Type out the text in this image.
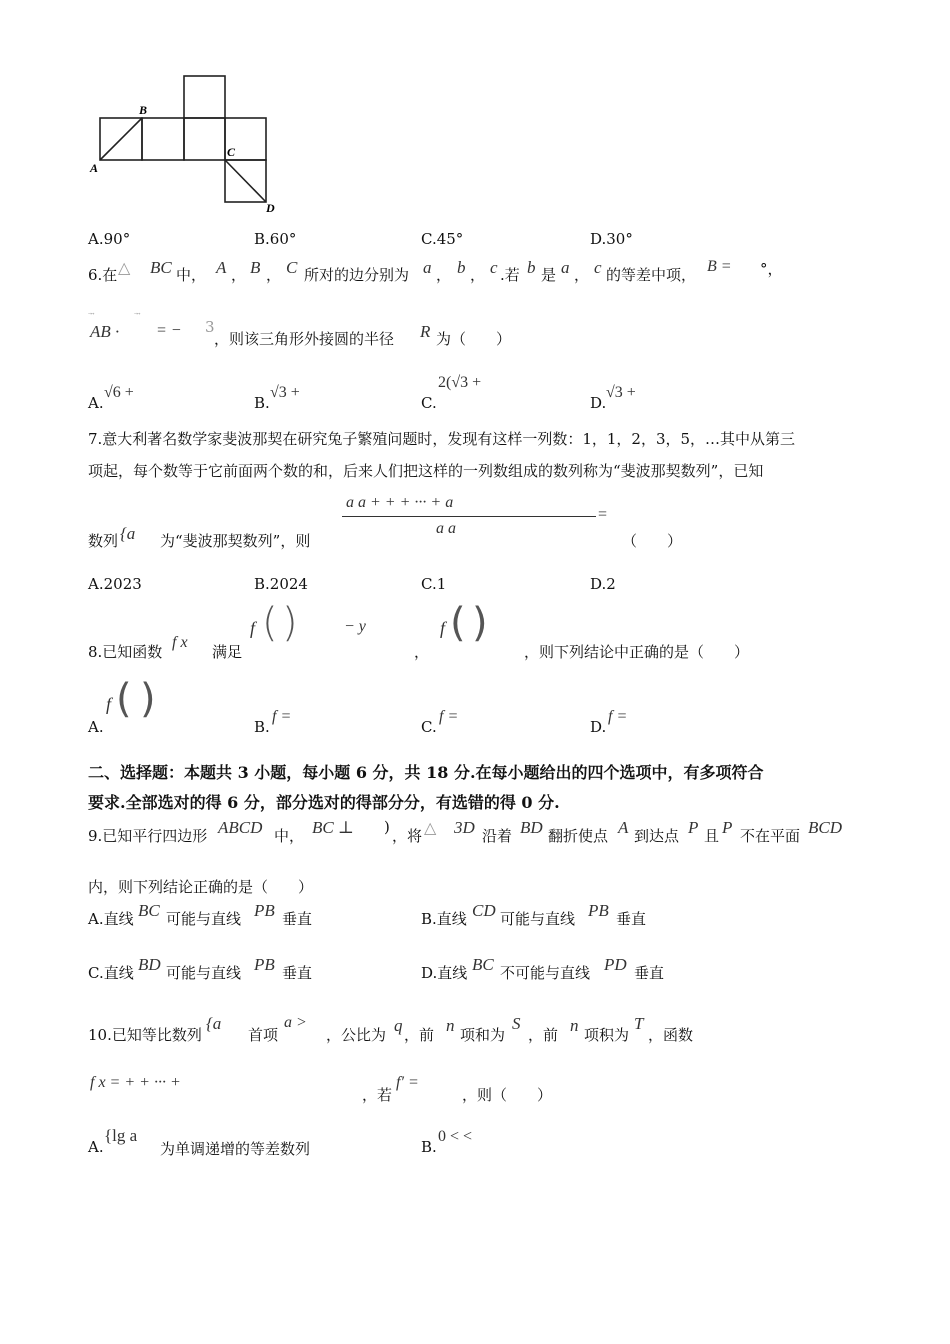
A
B
C
D
A.90°	B.60°	C.45°	D.30°
6.在 △ BC 中， A ， B ， C 所对的边分别为 a ， b ， c .若 b 是 a ， c 的等差中项， B = °，
⃗ ⃗
AB ·
⃗ ⃗
= − 3
，则该三角形外接圆的半径 R 为（　　）
A.
√6 +
B.
√3 +
C.
2(√3 +
D.
√3 +
7.意大利著名数学家斐波那契在研究兔子繁殖问题时，发现有这样一列数：1，1，2，3，5，…其中从第三
项起，每个数等于它前面两个数的和，后来人们把这样的一列数组成的数列称为“斐波那契数列”，已知
a a + + + ··· + a
a a
=
数列 {a 为“斐波那契数列”，则	（　　）
A.2023	B.2024	C.1	D.2
8.已知函数
f x
满足
f ( )	− y
，
f ( )
，则下列结论中正确的是（　　）
A.
f ( )
B.
f =
C.
f =
D.
f =
二、选择题：本题共 3 小题，每小题 6 分，共 18 分.在每小题给出的四个选项中，有多项符合
要求.全部选对的得 6 分，部分选对的得部分分，有选错的得 0 分.
9.已知平行四边形 ABCD 中， BC ⊥ ) ，将 △ 3D 沿着 BD 翻折使点 A 到达点 P 且 P 不在平面 BCD
内，则下列结论正确的是（　　）
A.直线 BC 可能与直线 PB 垂直	B.直线 CD 可能与直线 PB 垂直
C.直线 BD 可能与直线 PB 垂直	D.直线 BC 不可能与直线 PD 垂直
10.已知等比数列
{a
首项
a >
，公比为 q ，前 n 项和为
S
，前 n 项积为
T
，函数
f x = + + ··· +
，若
f′ =
，则（　　）
A.
{lg a
为单调递增的等差数列	B.
0 < <
